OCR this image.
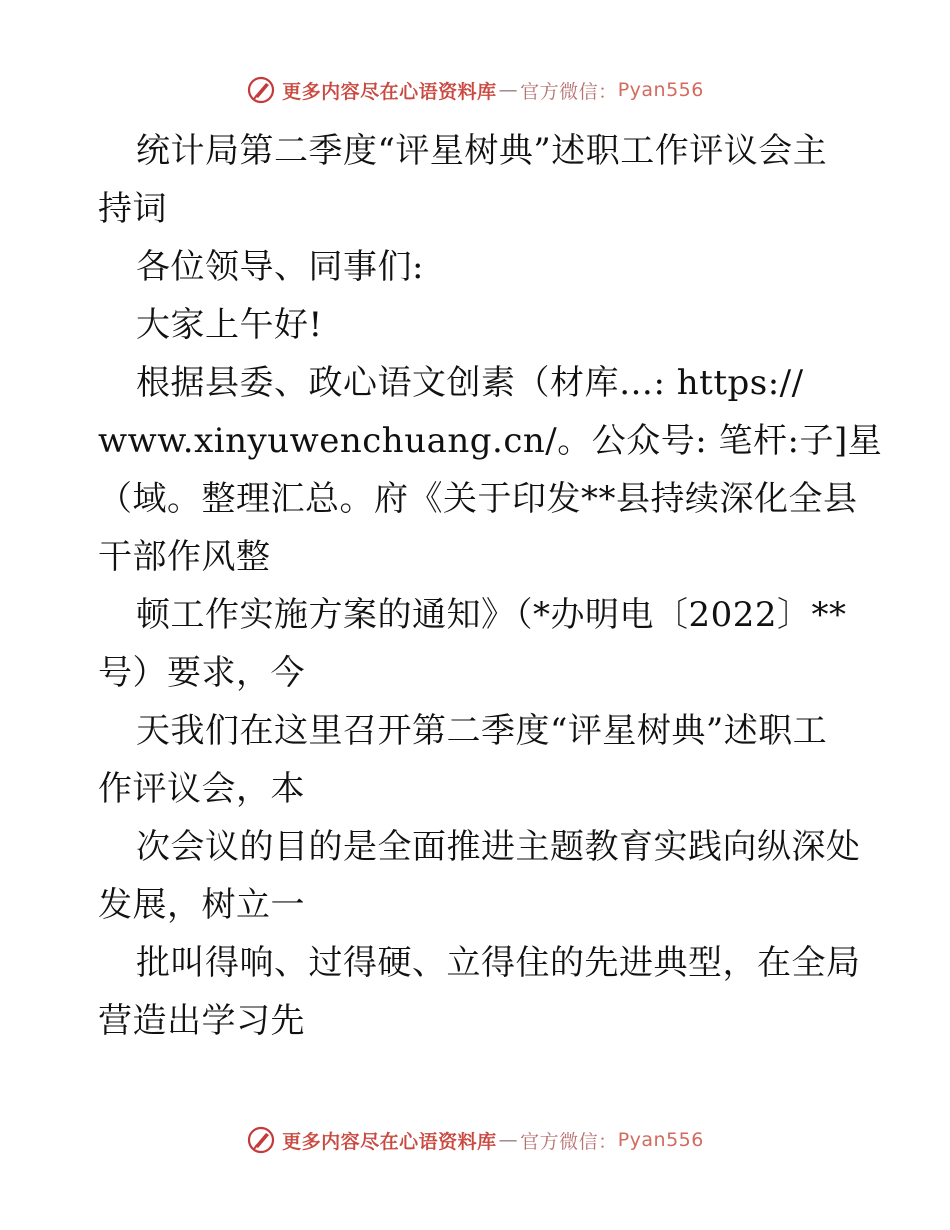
更多内容尽在心语资料库 — 官方微信： Pyan556
统计局第二季度“评星树典”述职工作评议会主
持词
各位领导、同事们:
大家上午好!
根据县委、政心语文创素（材库…: https://
www.xinyuwenchuang.cn/。公众号: 笔杆:子]星
（域。整理汇总。府《关于印发**县持续深化全县
干部作风整
顿工作实施方案的通知》（*办明电〔2022〕**
号）要求，今
天我们在这里召开第二季度“评星树典”述职工
作评议会，本
次会议的目的是全面推进主题教育实践向纵深处
发展，树立一
批叫得响、过得硬、立得住的先进典型，在全局
营造出学习先
更多内容尽在心语资料库 — 官方微信： Pyan556
